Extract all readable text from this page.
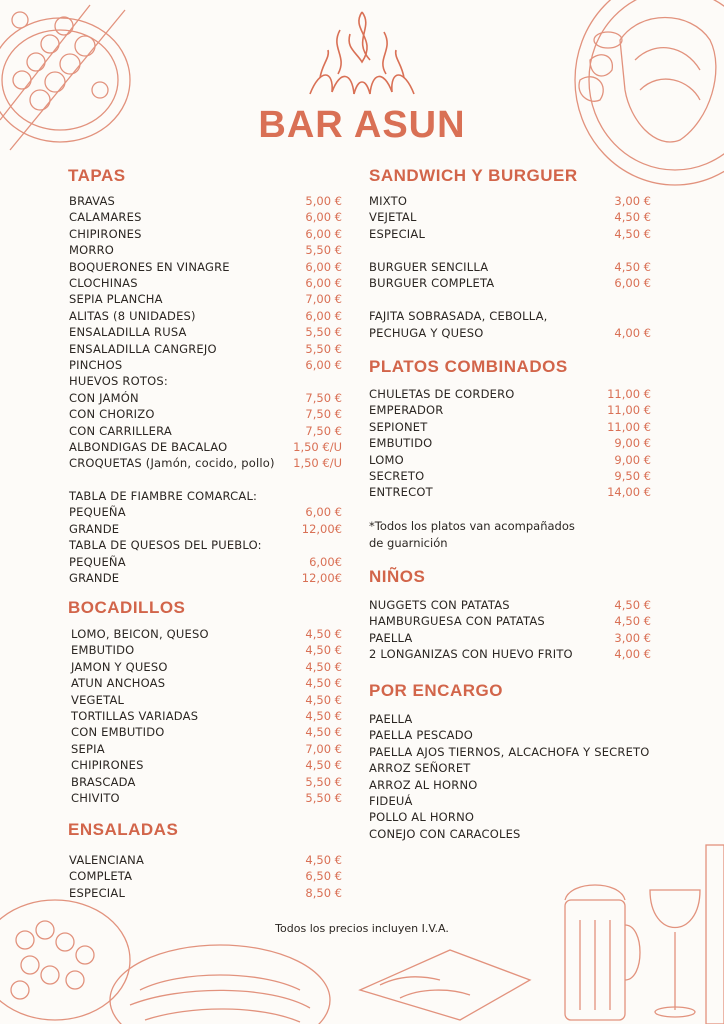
BAR ASUN
TAPAS
BRAVAS	5,00 €
CALAMARES	6,00 €
CHIPIRONES	6,00 €
MORRO	5,50 €
BOQUERONES EN VINAGRE	6,00 €
CLOCHINAS	6,00 €
SEPIA PLANCHA	7,00 €
ALITAS (8 UNIDADES)	6,00 €
ENSALADILLA RUSA	5,50 €
ENSALADILLA CANGREJO	5,50 €
PINCHOS	6,00 €
HUEVOS ROTOS:
CON JAMÓN	7,50 €
CON CHORIZO	7,50 €
CON CARRILLERA	7,50 €
ALBONDIGAS DE BACALAO	1,50 €/U
CROQUETAS (Jamón, cocido, pollo)	1,50 €/U
TABLA DE FIAMBRE COMARCAL:
PEQUEÑA	6,00 €
GRANDE	12,00€
TABLA DE QUESOS DEL PUEBLO:
PEQUEÑA	6,00€
GRANDE	12,00€
BOCADILLOS
LOMO, BEICON, QUESO	4,50 €
EMBUTIDO	4,50 €
JAMON Y QUESO	4,50 €
ATUN ANCHOAS	4,50 €
VEGETAL	4,50 €
TORTILLAS VARIADAS	4,50 €
CON EMBUTIDO	4,50 €
SEPIA	7,00 €
CHIPIRONES	4,50 €
BRASCADA	5,50 €
CHIVITO	5,50 €
ENSALADAS
VALENCIANA	4,50 €
COMPLETA	6,50 €
ESPECIAL	8,50 €
SANDWICH Y BURGUER
MIXTO	3,00 €
VEJETAL	4,50 €
ESPECIAL	4,50 €
BURGUER SENCILLA	4,50 €
BURGUER COMPLETA	6,00 €
FAJITA SOBRASADA, CEBOLLA,
PECHUGA Y QUESO	4,00 €
PLATOS COMBINADOS
CHULETAS DE CORDERO	11,00 €
EMPERADOR	11,00 €
SEPIONET	11,00 €
EMBUTIDO	9,00 €
LOMO	9,00 €
SECRETO	9,50 €
ENTRECOT	14,00 €
*Todos los platos van acompañados
de guarnición
NIÑOS
NUGGETS CON PATATAS	4,50 €
HAMBURGUESA CON PATATAS	4,50 €
PAELLA	3,00 €
2 LONGANIZAS CON HUEVO FRITO	4,00 €
POR ENCARGO
PAELLA
PAELLA PESCADO
PAELLA AJOS TIERNOS, ALCACHOFA Y SECRETO
ARROZ SEÑORET
ARROZ AL HORNO
FIDEUÁ
POLLO AL HORNO
CONEJO CON CARACOLES
Todos los precios incluyen I.V.A.
